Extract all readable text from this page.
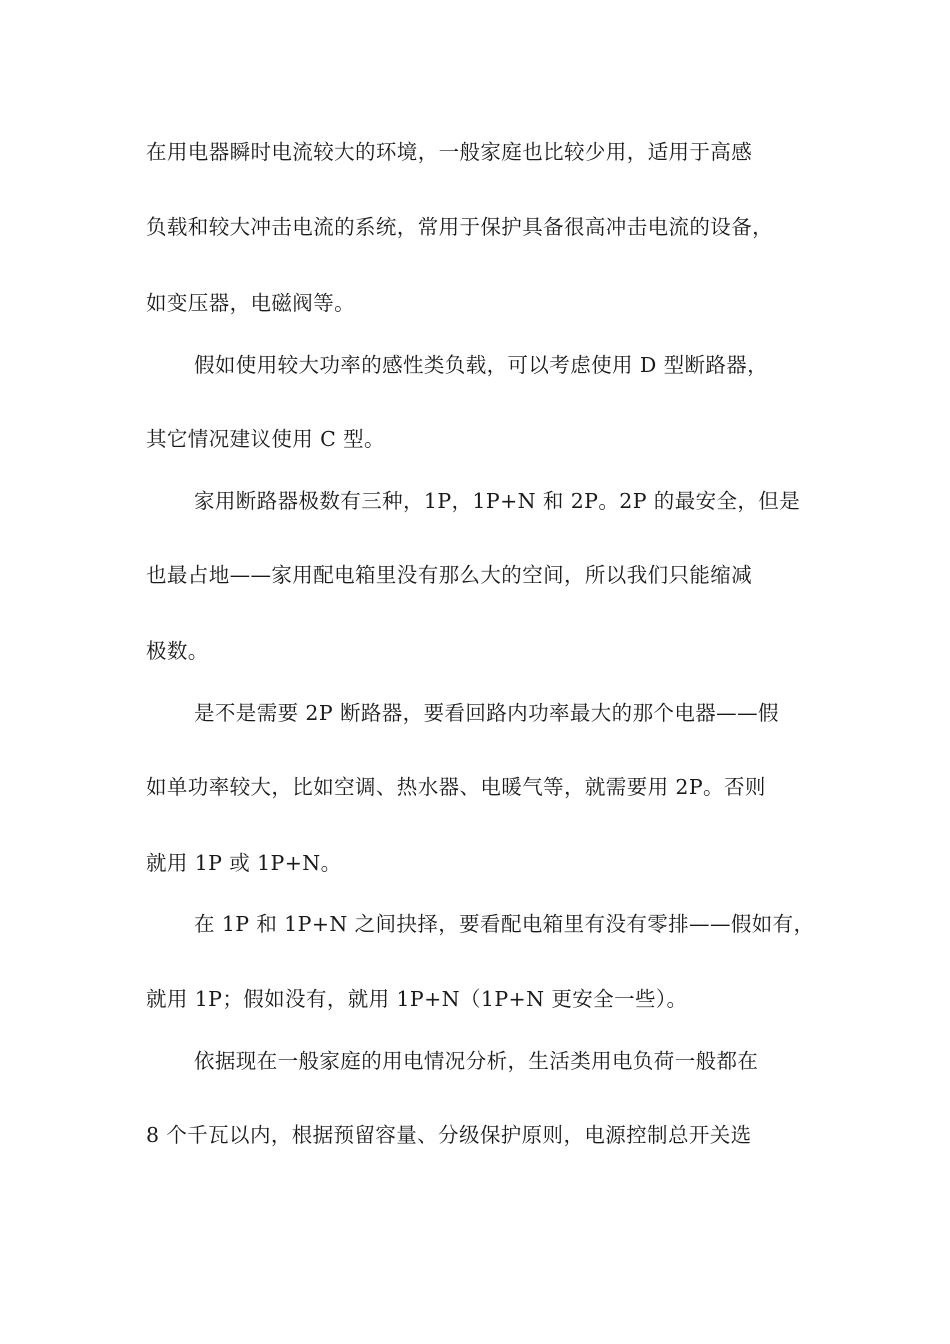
在用电器瞬时电流较大的环境，一般家庭也比较少用，适用于高感
负载和较大冲击电流的系统，常用于保护具备很高冲击电流的设备，
如变压器，电磁阀等。
假如使用较大功率的感性类负载，可以考虑使用 D 型断路器，
其它情况建议使用 C 型。
家用断路器极数有三种，1P，1P+N 和 2P。2P 的最安全，但是
也最占地——家用配电箱里没有那么大的空间，所以我们只能缩减
极数。
是不是需要 2P 断路器，要看回路内功率最大的那个电器——假
如单功率较大，比如空调、热水器、电暖气等，就需要用 2P。否则
就用 1P 或 1P+N。
在 1P 和 1P+N 之间抉择，要看配电箱里有没有零排——假如有，
就用 1P；假如没有，就用 1P+N（1P+N 更安全一些）。
依据现在一般家庭的用电情况分析，生活类用电负荷一般都在
8 个千瓦以内，根据预留容量、分级保护原则，电源控制总开关选
